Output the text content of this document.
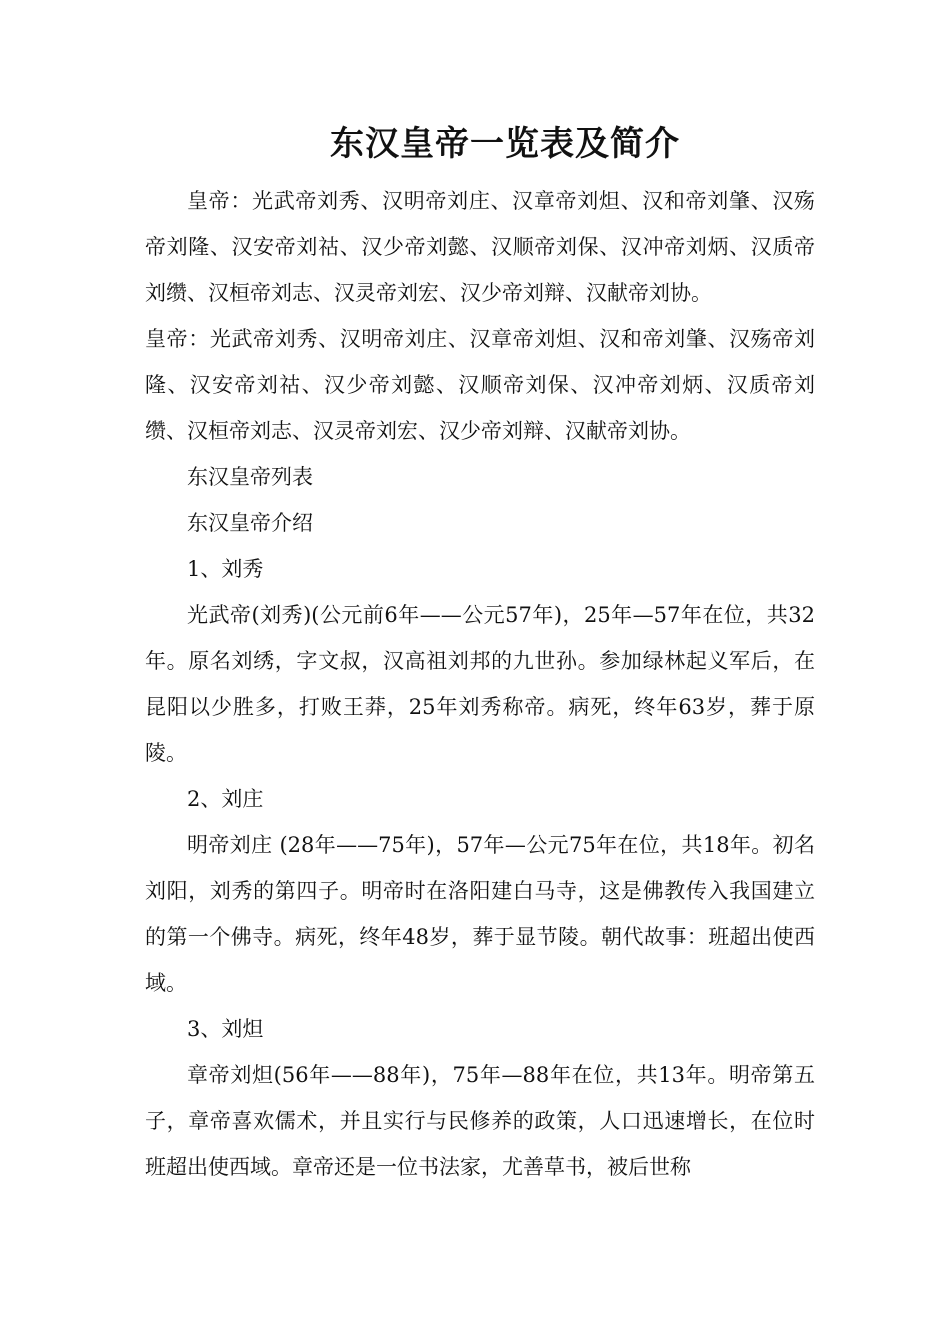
东汉皇帝一览表及简介

皇帝：光武帝刘秀、汉明帝刘庄、汉章帝刘炟、汉和帝刘肇、汉殇帝刘隆、汉安帝刘祜、汉少帝刘懿、汉顺帝刘保、汉冲帝刘炳、汉质帝刘缵、汉桓帝刘志、汉灵帝刘宏、汉少帝刘辩、汉献帝刘协。

皇帝：光武帝刘秀、汉明帝刘庄、汉章帝刘炟、汉和帝刘肇、汉殇帝刘隆、汉安帝刘祜、汉少帝刘懿、汉顺帝刘保、汉冲帝刘炳、汉质帝刘缵、汉桓帝刘志、汉灵帝刘宏、汉少帝刘辩、汉献帝刘协。

东汉皇帝列表

东汉皇帝介绍

1、刘秀

光武帝(刘秀)(公元前6年——公元57年)，25年—57年在位，共32年。原名刘绣，字文叔，汉高祖刘邦的九世孙。参加绿林起义军后，在昆阳以少胜多，打败王莽，25年刘秀称帝。病死，终年63岁，葬于原陵。

2、刘庄

明帝刘庄 (28年——75年)，57年—公元75年在位，共18年。初名刘阳，刘秀的第四子。明帝时在洛阳建白马寺，这是佛教传入我国建立的第一个佛寺。病死，终年48岁，葬于显节陵。朝代故事：班超出使西域。

3、刘炟

章帝刘炟(56年——88年)，75年—88年在位，共13年。明帝第五子，章帝喜欢儒术，并且实行与民修养的政策，人口迅速增长，在位时班超出使西域。章帝还是一位书法家，尤善草书，被后世称
